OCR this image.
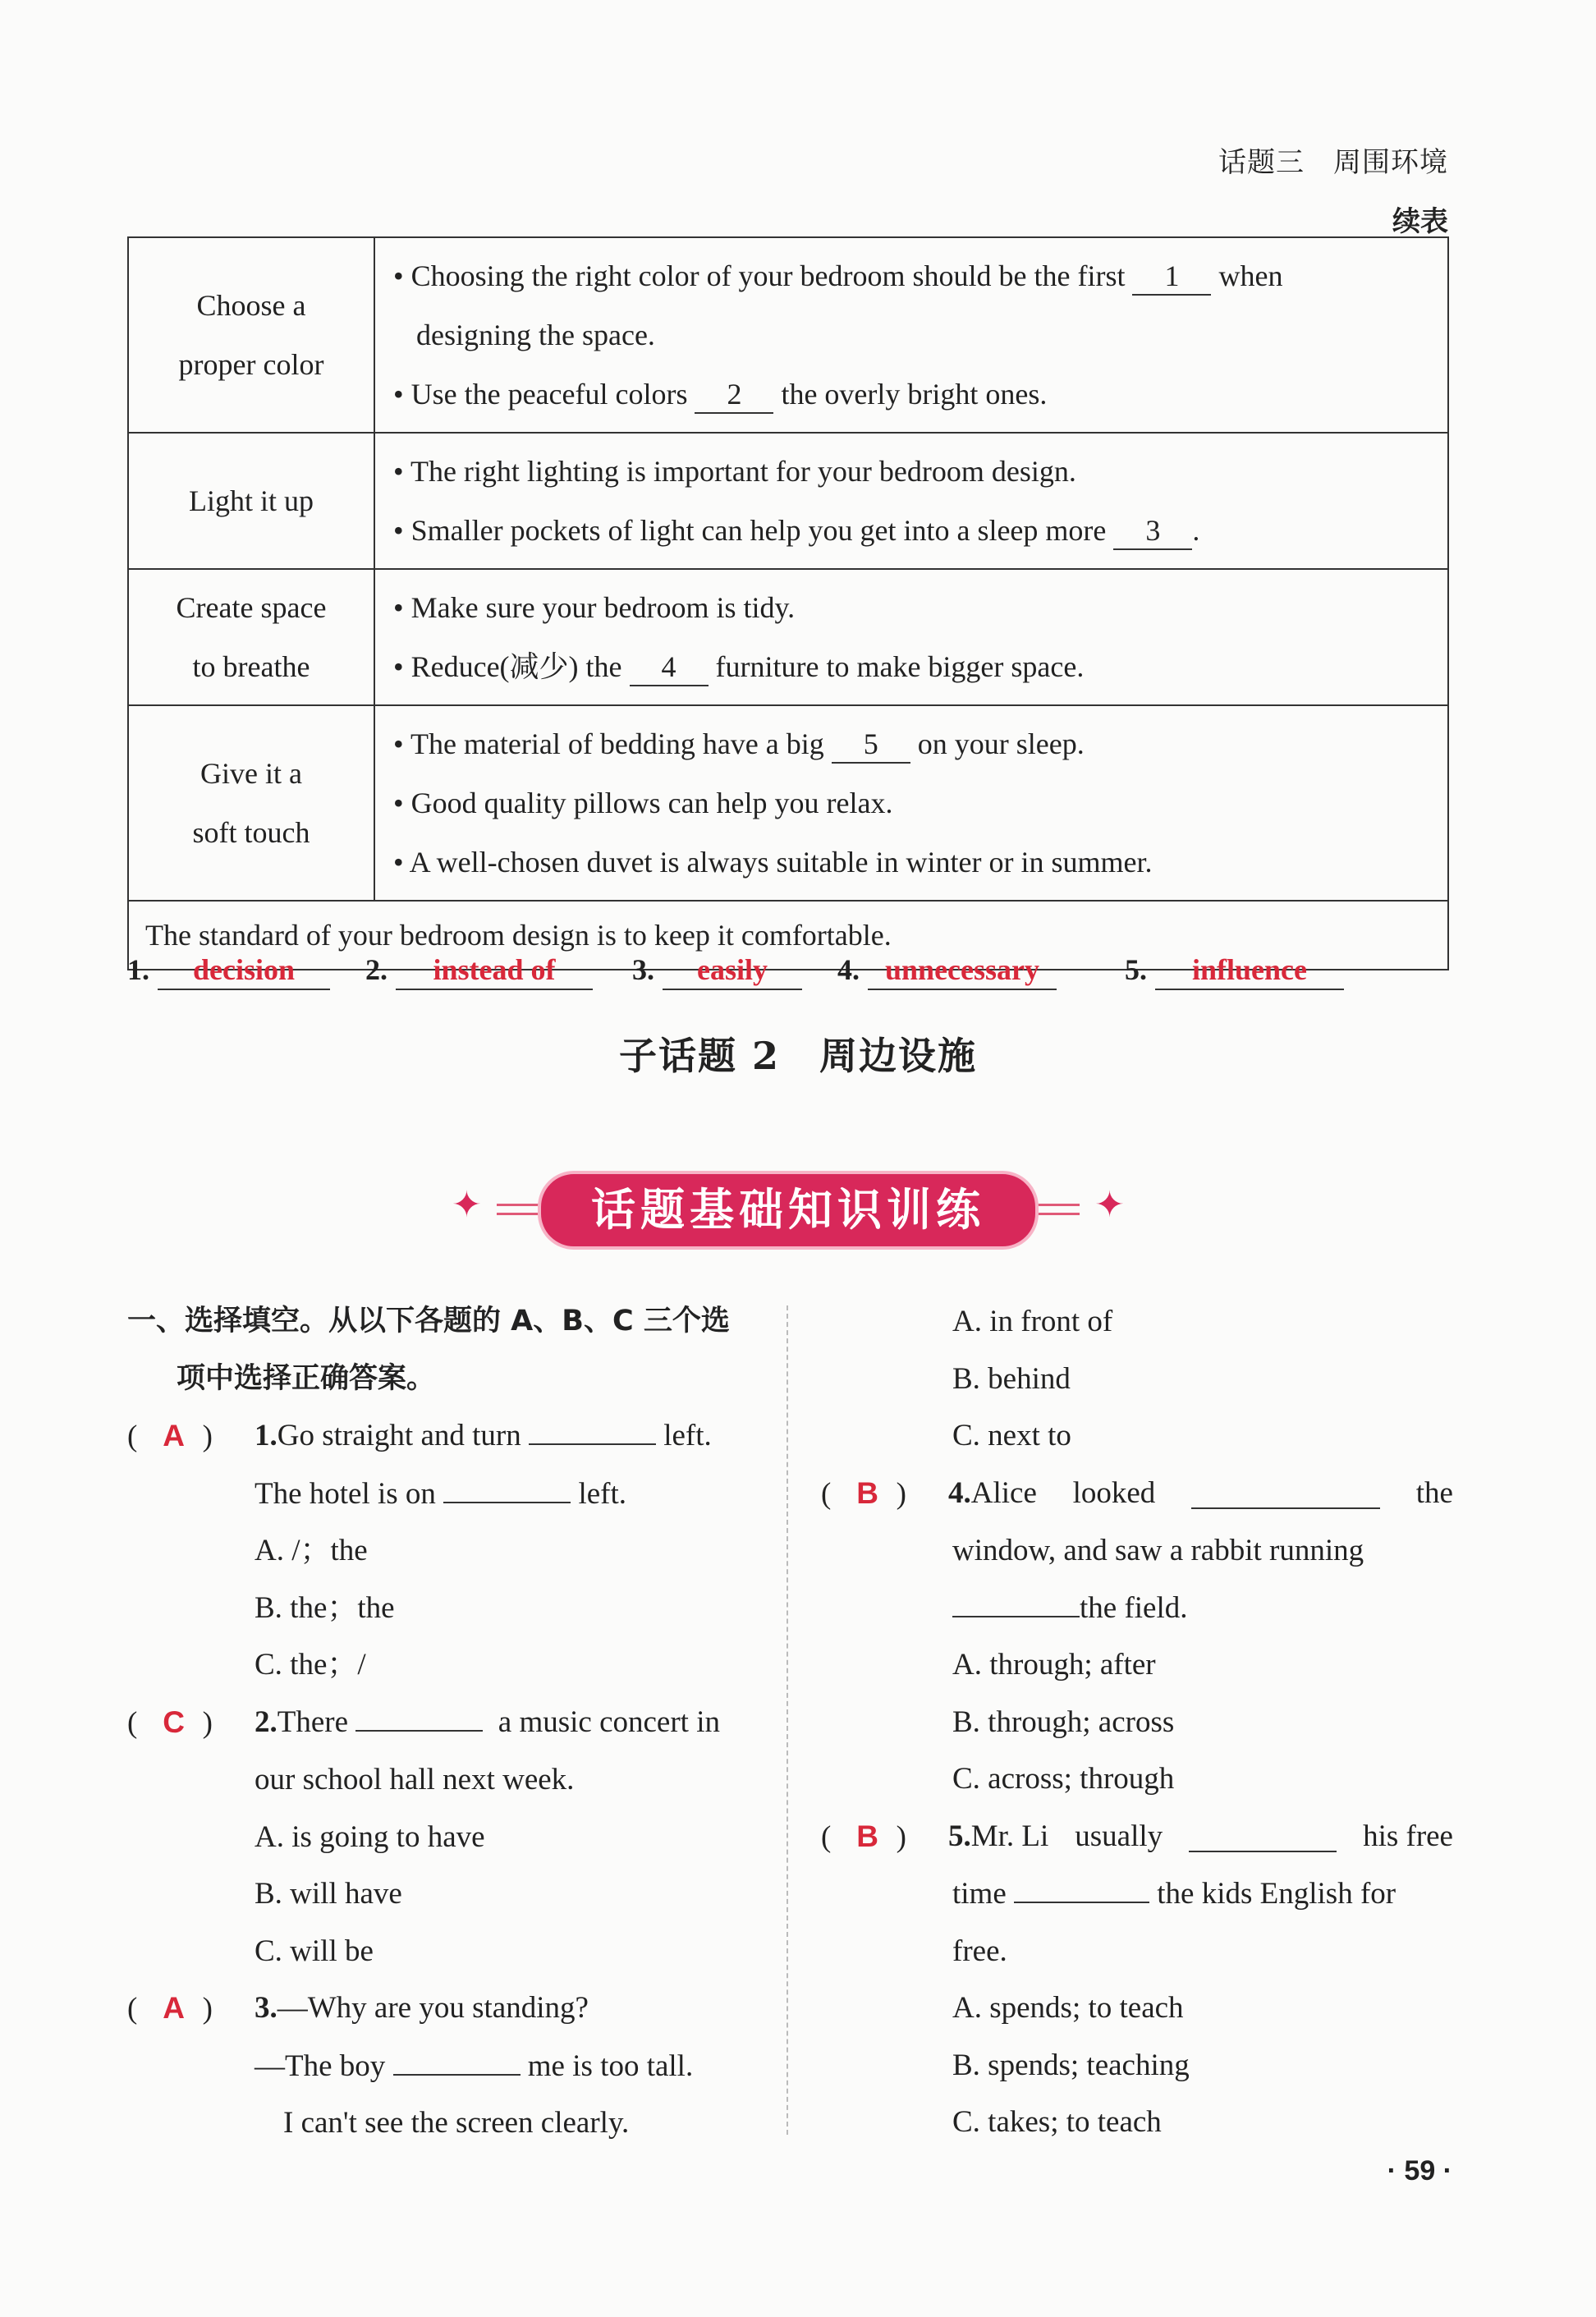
话题三　周围环境
续表
Choose a
proper color	• Choosing the right color of your bedroom should be the first 1 when
designing the space.
• Use the peaceful colors 2 the overly bright ones.

Light it up	• The right lighting is important for your bedroom design.
• Smaller pockets of light can help you get into a sleep more 3 .

Create space
to breathe	• Make sure your bedroom is tidy.
• Reduce(减少) the 4 furniture to make bigger space.

Give it a
soft touch	• The material of bedding have a big 5 on your sleep.
• Good quality pillows can help you relax.
• A well-chosen duvet is always suitable in winter or in summer.

The standard of your bedroom design is to keep it comfortable.	
1. decision	2. instead of	3. easily	4. unnecessary	5. influence
子话题 2　周边设施
✦	✦
话题基础知识训练
一、选择填空。从以下各题的 A、B、C 三个选
项中选择正确答案。
( A )	1.Go straight and turn	left.
The hotel is on	left.
A. /；the
B. the；the
C. the；/
( C )	2.There	a music concert in
our school hall next week.
A. is going to have
B. will have
C. will be
( A )	3.—Why are you standing?
—The boy	me is too tall.
I can't see the screen clearly.
A. in front of
B. behind
C. next to
( B )	4.Alice looked	the
window, and saw a rabbit running
the field.
A. through; after
B. through; across
C. across; through
( B )	5.Mr. Li usually	his free
time	the kids English for
free.
A. spends; to teach
B. spends; teaching
C. takes; to teach
· 59 ·
